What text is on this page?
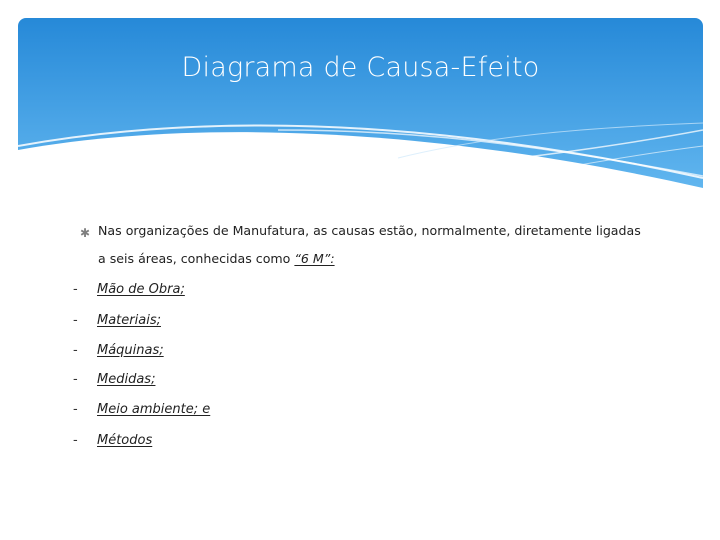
Diagrama de Causa-Efeito
✱ Nas organizações de Manufatura, as causas estão, normalmente, diretamente ligadas
a seis áreas, conhecidas como “6 M”:
- Mão de Obra;
- Materiais;
- Máquinas;
- Medidas;
- Meio ambiente; e
- Métodos
